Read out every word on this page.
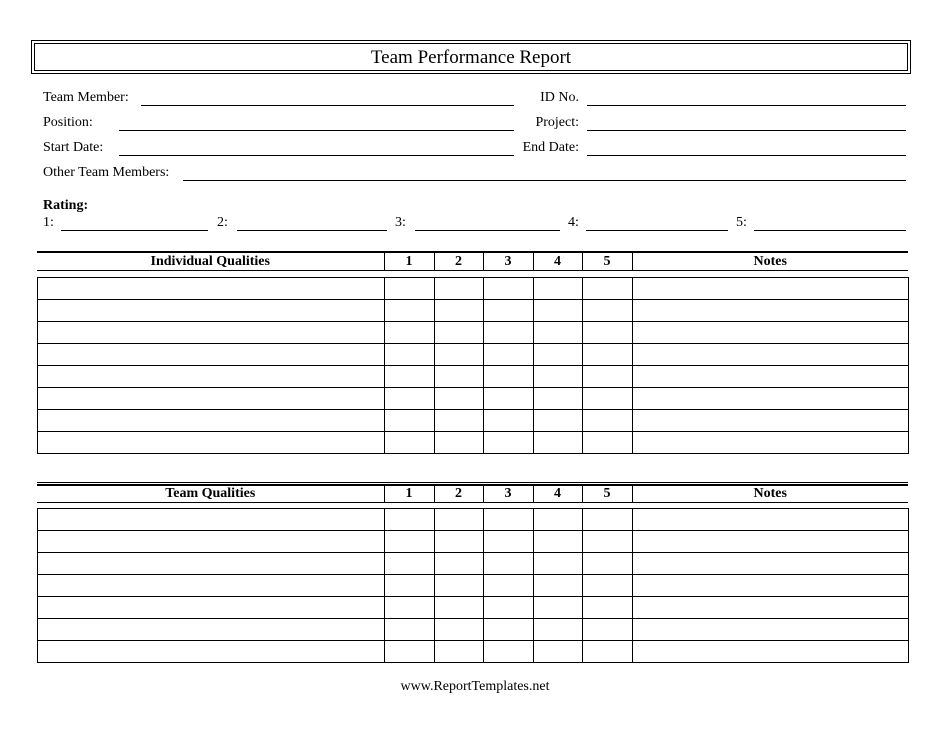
Team Performance Report
Team Member:	ID No.
Position:	Project:
Start Date:	End Date:
Other Team Members:
Rating:
1:	2:	3:	4:	5:
Individual Qualities	1	2	3	4	5	Notes

Team Qualities	1	2	3	4	5	Notes

www.ReportTemplates.net
